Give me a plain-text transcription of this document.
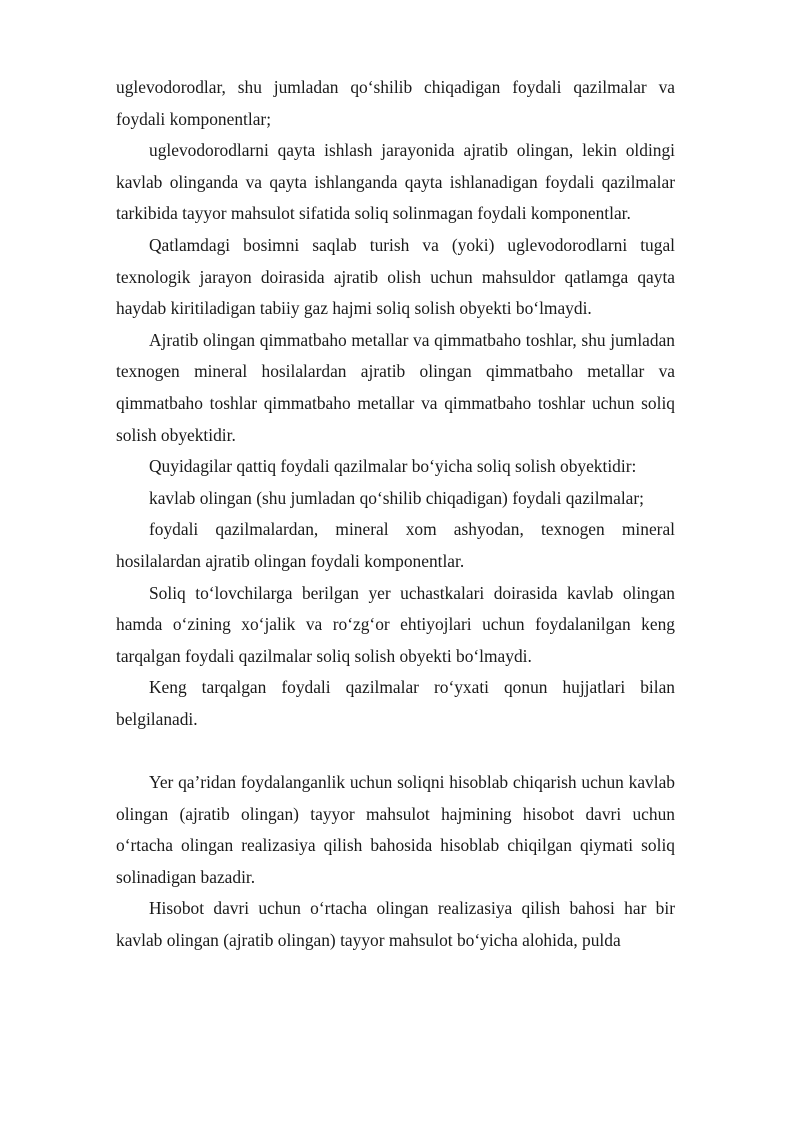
uglevodorodlar, shu jumladan qo‘shilib chiqadigan foydali qazilmalar va foydali komponentlar;

uglevodorodlarni qayta ishlash jarayonida ajratib olingan, lekin oldingi kavlab olinganda va qayta ishlanganda qayta ishlanadigan foydali qazilmalar tarkibida tayyor mahsulot sifatida soliq solinmagan foydali komponentlar.

Qatlamdagi bosimni saqlab turish va (yoki) uglevodorodlarni tugal texnologik jarayon doirasida ajratib olish uchun mahsuldor qatlamga qayta haydab kiritiladigan tabiiy gaz hajmi soliq solish obyekti bo‘lmaydi.

Ajratib olingan qimmatbaho metallar va qimmatbaho toshlar, shu jumladan texnogen mineral hosilalardan ajratib olingan qimmatbaho metallar va qimmatbaho toshlar qimmatbaho metallar va qimmatbaho toshlar uchun soliq solish obyektidir.

Quyidagilar qattiq foydali qazilmalar bo‘yicha soliq solish obyektidir:

kavlab olingan (shu jumladan qo‘shilib chiqadigan) foydali qazilmalar;

foydali qazilmalardan, mineral xom ashyodan, texnogen mineral hosilalardan ajratib olingan foydali komponentlar.

Soliq to‘lovchilarga berilgan yer uchastkalari doirasida kavlab olingan hamda o‘zining xo‘jalik va ro‘zg‘or ehtiyojlari uchun foydalanilgan keng tarqalgan foydali qazilmalar soliq solish obyekti bo‘lmaydi.

Keng tarqalgan foydali qazilmalar ro‘yxati qonun hujjatlari bilan belgilanadi.

Yer qa’ridan foydalanganlik uchun soliqni hisoblab chiqarish uchun kavlab olingan (ajratib olingan) tayyor mahsulot hajmining hisobot davri uchun o‘rtacha olingan realizasiya qilish bahosida hisoblab chiqilgan qiymati soliq solinadigan bazadir.

Hisobot davri uchun o‘rtacha olingan realizasiya qilish bahosi har bir kavlab olingan (ajratib olingan) tayyor mahsulot bo‘yicha alohida, pulda
